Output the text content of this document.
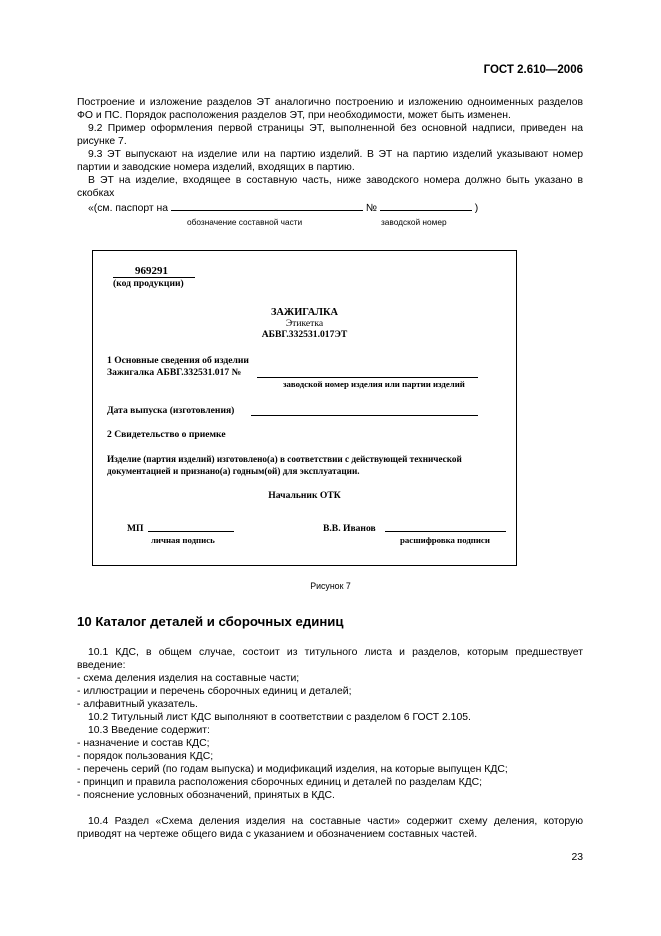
ГОСТ 2.610—2006
Построение и изложение разделов ЭТ аналогично построению и изложению одноименных разделов ФО и ПС. Порядок расположения разделов ЭТ, при необходимости, может быть изменен.
9.2 Пример оформления первой страницы ЭТ, выполненной без основной надписи, приведен на рисунке 7.
9.3 ЭТ выпускают на изделие или на партию изделий. В ЭТ на партию изделий указывают номер партии и заводские номера изделий, входящих в партию.
В ЭТ на изделие, входящее в составную часть, ниже заводского номера должно быть указано в скобках
«(см. паспорт на	№	)
обозначение составной части	заводской номер
969291
(код продукции)
ЗАЖИГАЛКА
Этикетка
АБВГ.332531.017ЭТ
1 Основные сведения об изделии
Зажигалка АБВГ.332531.017 №
заводской номер изделия или партии изделий
Дата выпуска (изготовления)
2 Свидетельство о приемке
Изделие (партия изделий) изготовлено(а) в соответствии с действующей технической
документацией и признано(а) годным(ой) для эксплуатации.
Начальник ОТК
МП
личная подпись
В.В. Иванов
расшифровка подписи
Рисунок 7
10 Каталог деталей и сборочных единиц
10.1 КДС, в общем случае, состоит из титульного листа и разделов, которым предшествует введение:
- схема деления изделия на составные части;
- иллюстрации и перечень сборочных единиц и деталей;
- алфавитный указатель.
10.2 Титульный лист КДС выполняют в соответствии с разделом 6 ГОСТ 2.105.
10.3 Введение содержит:
- назначение и состав КДС;
- порядок пользования КДС;
- перечень серий (по годам выпуска) и модификаций изделия, на которые выпущен КДС;
- принцип и правила расположения сборочных единиц и деталей по разделам КДС;
- пояснение условных обозначений, принятых в КДС.
10.4 Раздел «Схема деления изделия на составные части» содержит схему деления, которую приводят на чертеже общего вида с указанием и обозначением составных частей.
23
